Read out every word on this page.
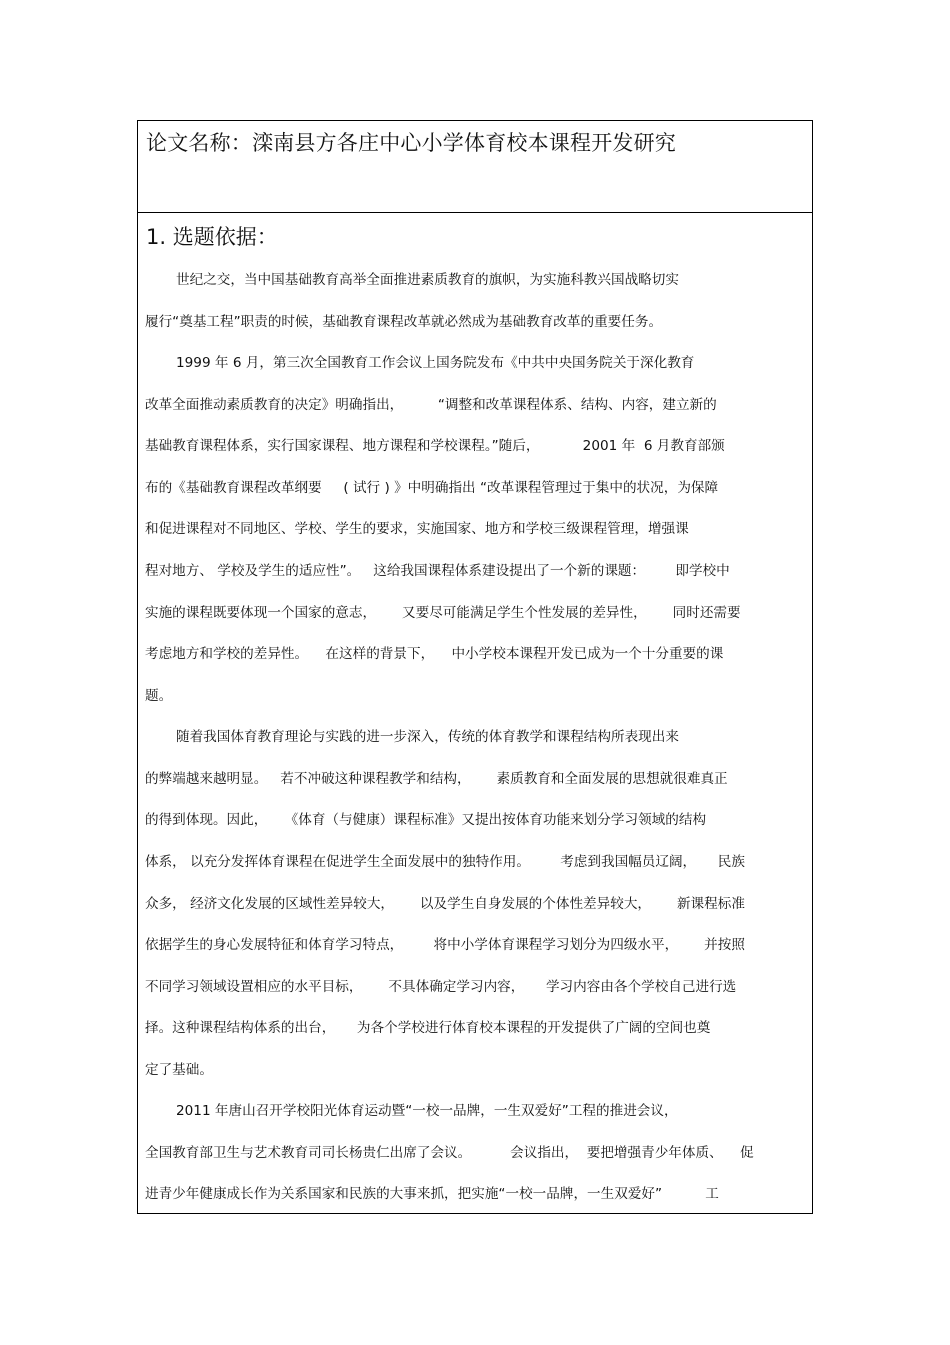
论文名称：滦南县方各庄中心小学体育校本课程开发研究
1. 选题依据：
世纪之交，当中国基础教育高举全面推进素质教育的旗帜，为实施科教兴国战略切实
履行“奠基工程”职责的时候，基础教育课程改革就必然成为基础教育改革的重要任务。
1999 年 6 月，第三次全国教育工作会议上国务院发布《中共中央国务院关于深化教育
改革全面推动素质教育的决定》明确指出，        “调整和改革课程体系、结构、内容，建立新的
基础教育课程体系，实行国家课程、地方课程和学校课程。”随后，          2001 年  6 月教育部颁
布的《基础教育课程改革纲要     ( 试行 ) 》中明确指出 “改革课程管理过于集中的状况，为保障
和促进课程对不同地区、学校、学生的要求，实施国家、地方和学校三级课程管理，增强课
程对地方、 学校及学生的适应性”。   这给我国课程体系建设提出了一个新的课题：       即学校中
实施的课程既要体现一个国家的意志，      又要尽可能满足学生个性发展的差异性，      同时还需要
考虑地方和学校的差异性。    在这样的背景下，    中小学校本课程开发已成为一个十分重要的课
题。
随着我国体育教育理论与实践的进一步深入，传统的体育教学和课程结构所表现出来
的弊端越来越明显。   若不冲破这种课程教学和结构，      素质教育和全面发展的思想就很难真正
的得到体现。因此，    《体育（与健康）课程标准》又提出按体育功能来划分学习领域的结构
体系， 以充分发挥体育课程在促进学生全面发展中的独特作用。       考虑到我国幅员辽阔，     民族
众多， 经济文化发展的区域性差异较大，      以及学生自身发展的个体性差异较大，      新课程标准
依据学生的身心发展特征和体育学习特点，       将中小学体育课程学习划分为四级水平，      并按照
不同学习领域设置相应的水平目标，      不具体确定学习内容，     学习内容由各个学校自己进行选
择。这种课程结构体系的出台，     为各个学校进行体育校本课程的开发提供了广阔的空间也奠
定了基础。
2011 年唐山召开学校阳光体育运动暨“一校一品牌，一生双爱好”工程的推进会议，
全国教育部卫生与艺术教育司司长杨贵仁出席了会议。         会议指出，  要把增强青少年体质、    促
进青少年健康成长作为关系国家和民族的大事来抓，把实施“一校一品牌，一生双爱好”          工
